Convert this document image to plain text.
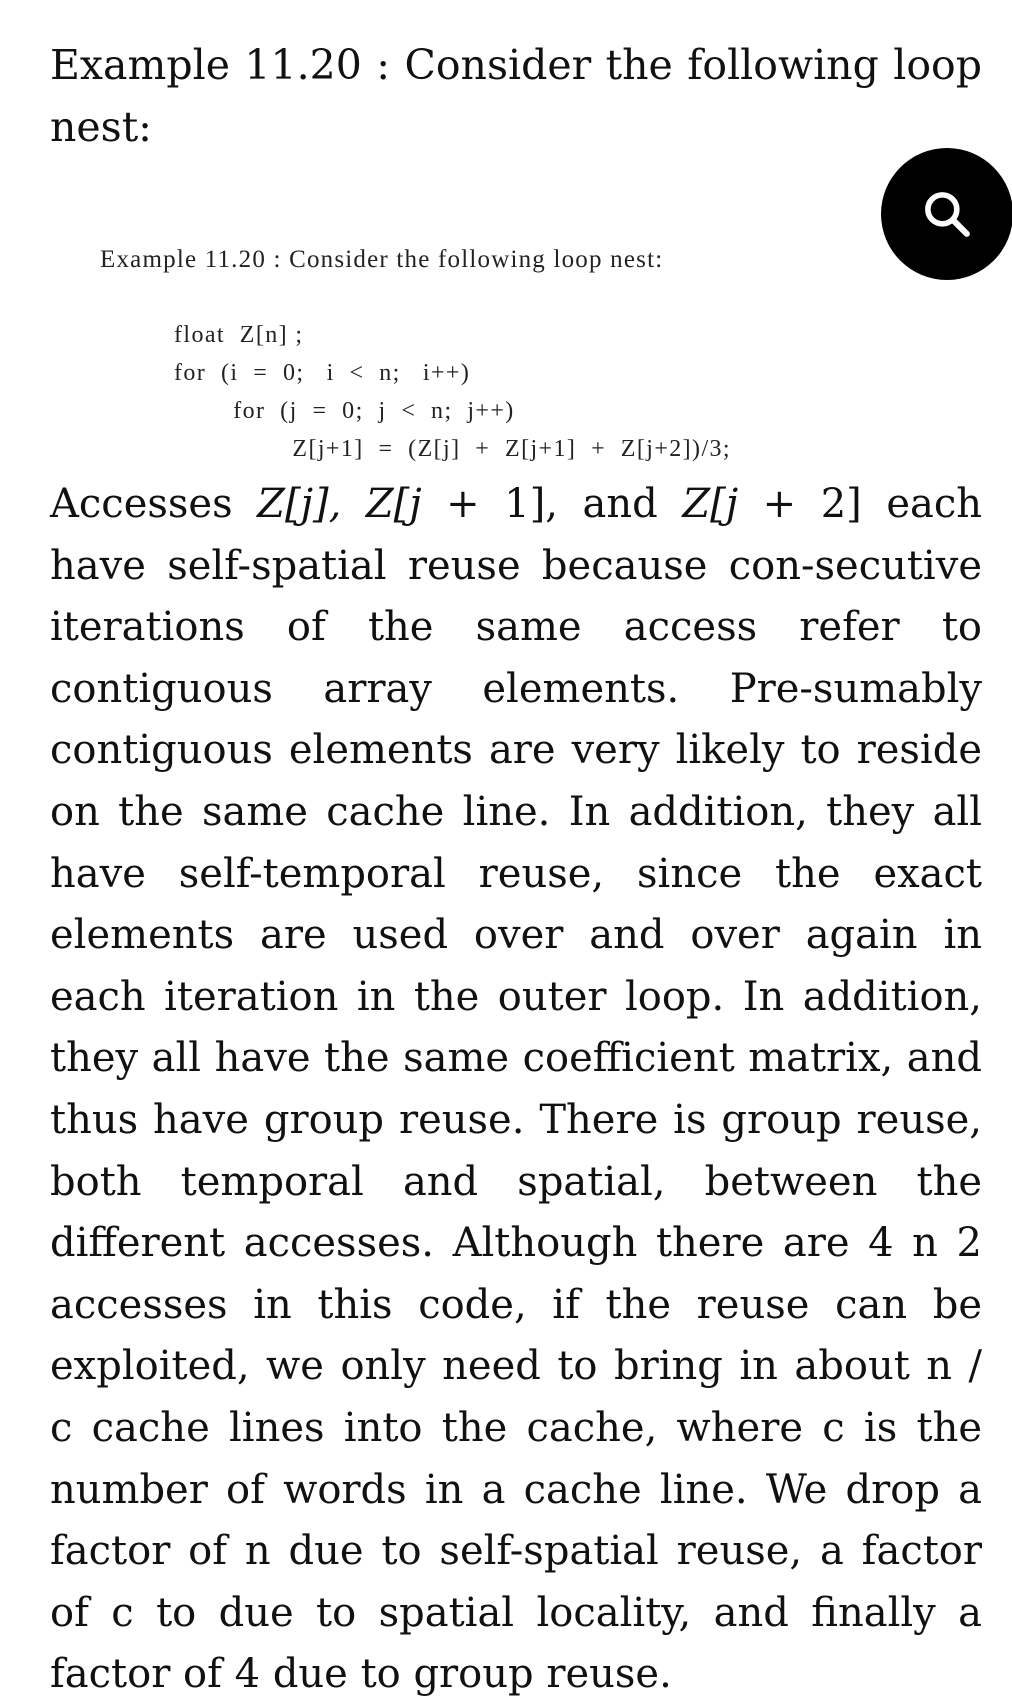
Example 11.20 : Consider the following loop nest:

Example 11.20 : Consider the following loop nest:
float  Z[n] ;
for  (i  =  0;   i  <  n;   i++)
for  (j  =  0;  j  <  n;  j++)
Z[j+1]  =  (Z[j]  +  Z[j+1]  +  Z[j+2])/3;

Accesses Z[j], Z[j + 1], and Z[j + 2] each have self-spatial reuse because con-secutive iterations of the same access refer to contiguous array elements. Pre-sumably contiguous elements are very likely to reside on the same cache line. In addition, they all have self-temporal reuse, since the exact elements are used over and over again in each iteration in the outer loop. In addition, they all have the same coefficient matrix, and thus have group reuse. There is group reuse, both temporal and spatial, between the different accesses. Although there are 4 n 2 accesses in this code, if the reuse can be exploited, we only need to bring in about n / c cache lines into the cache, where c is the number of words in a cache line. We drop a factor of n due to self-spatial reuse, a factor of c to due to spatial locality, and finally a factor of 4 due to group reuse.
